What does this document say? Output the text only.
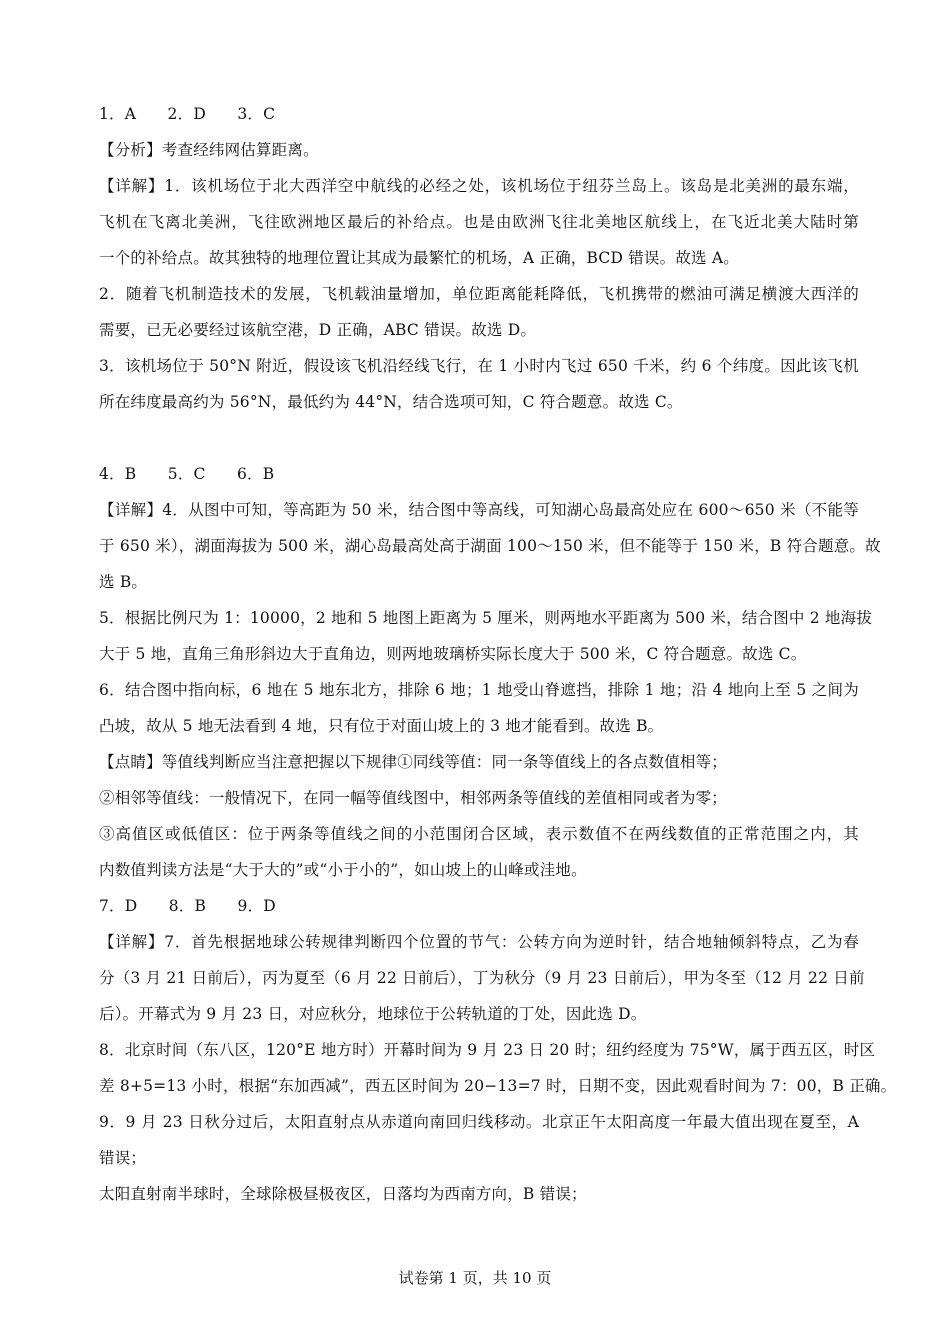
1．A　　2．D　　3．C
【分析】考查经纬网估算距离。
【详解】1．该机场位于北大西洋空中航线的必经之处，该机场位于纽芬兰岛上。该岛是北美洲的最东端，
飞机在飞离北美洲，飞往欧洲地区最后的补给点。也是由欧洲飞往北美地区航线上，在飞近北美大陆时第
一个的补给点。故其独特的地理位置让其成为最繁忙的机场，A 正确，BCD 错误。故选 A。
2．随着飞机制造技术的发展，飞机载油量增加，单位距离能耗降低，飞机携带的燃油可满足横渡大西洋的
需要，已无必要经过该航空港，D 正确，ABC 错误。故选 D。
3．该机场位于 50°N 附近，假设该飞机沿经线飞行，在 1 小时内飞过 650 千米，约 6 个纬度。因此该飞机
所在纬度最高约为 56°N，最低约为 44°N，结合选项可知，C 符合题意。故选 C。
4．B　　5．C　　6．B
【详解】4．从图中可知，等高距为 50 米，结合图中等高线，可知湖心岛最高处应在 600～650 米（不能等
于 650 米），湖面海拔为 500 米，湖心岛最高处高于湖面 100～150 米，但不能等于 150 米，B 符合题意。故
选 B。
5．根据比例尺为 1：10000，2 地和 5 地图上距离为 5 厘米，则两地水平距离为 500 米，结合图中 2 地海拔
大于 5 地，直角三角形斜边大于直角边，则两地玻璃桥实际长度大于 500 米，C 符合题意。故选 C。
6．结合图中指向标，6 地在 5 地东北方，排除 6 地；1 地受山脊遮挡，排除 1 地；沿 4 地向上至 5 之间为
凸坡，故从 5 地无法看到 4 地，只有位于对面山坡上的 3 地才能看到。故选 B。
【点睛】等值线判断应当注意把握以下规律①同线等值：同一条等值线上的各点数值相等；
②相邻等值线：一般情况下，在同一幅等值线图中，相邻两条等值线的差值相同或者为零；
③高值区或低值区：位于两条等值线之间的小范围闭合区域，表示数值不在两线数值的正常范围之内，其
内数值判读方法是“大于大的”或“小于小的”，如山坡上的山峰或洼地。
7．D　　8．B　　9．D
【详解】7．首先根据地球公转规律判断四个位置的节气：公转方向为逆时针，结合地轴倾斜特点，乙为春
分（3 月 21 日前后），丙为夏至（6 月 22 日前后），丁为秋分（9 月 23 日前后），甲为冬至（12 月 22 日前
后）。开幕式为 9 月 23 日，对应秋分，地球位于公转轨道的丁处，因此选 D。
8．北京时间（东八区，120°E 地方时）开幕时间为 9 月 23 日 20 时；纽约经度为 75°W，属于西五区，时区
差 8+5=13 小时，根据“东加西减”，西五区时间为 20−13=7 时，日期不变，因此观看时间为 7：00，B 正确。
9．9 月 23 日秋分过后，太阳直射点从赤道向南回归线移动。北京正午太阳高度一年最大值出现在夏至，A
错误；
太阳直射南半球时，全球除极昼极夜区，日落均为西南方向，B 错误；
试卷第 1 页，共 10 页
